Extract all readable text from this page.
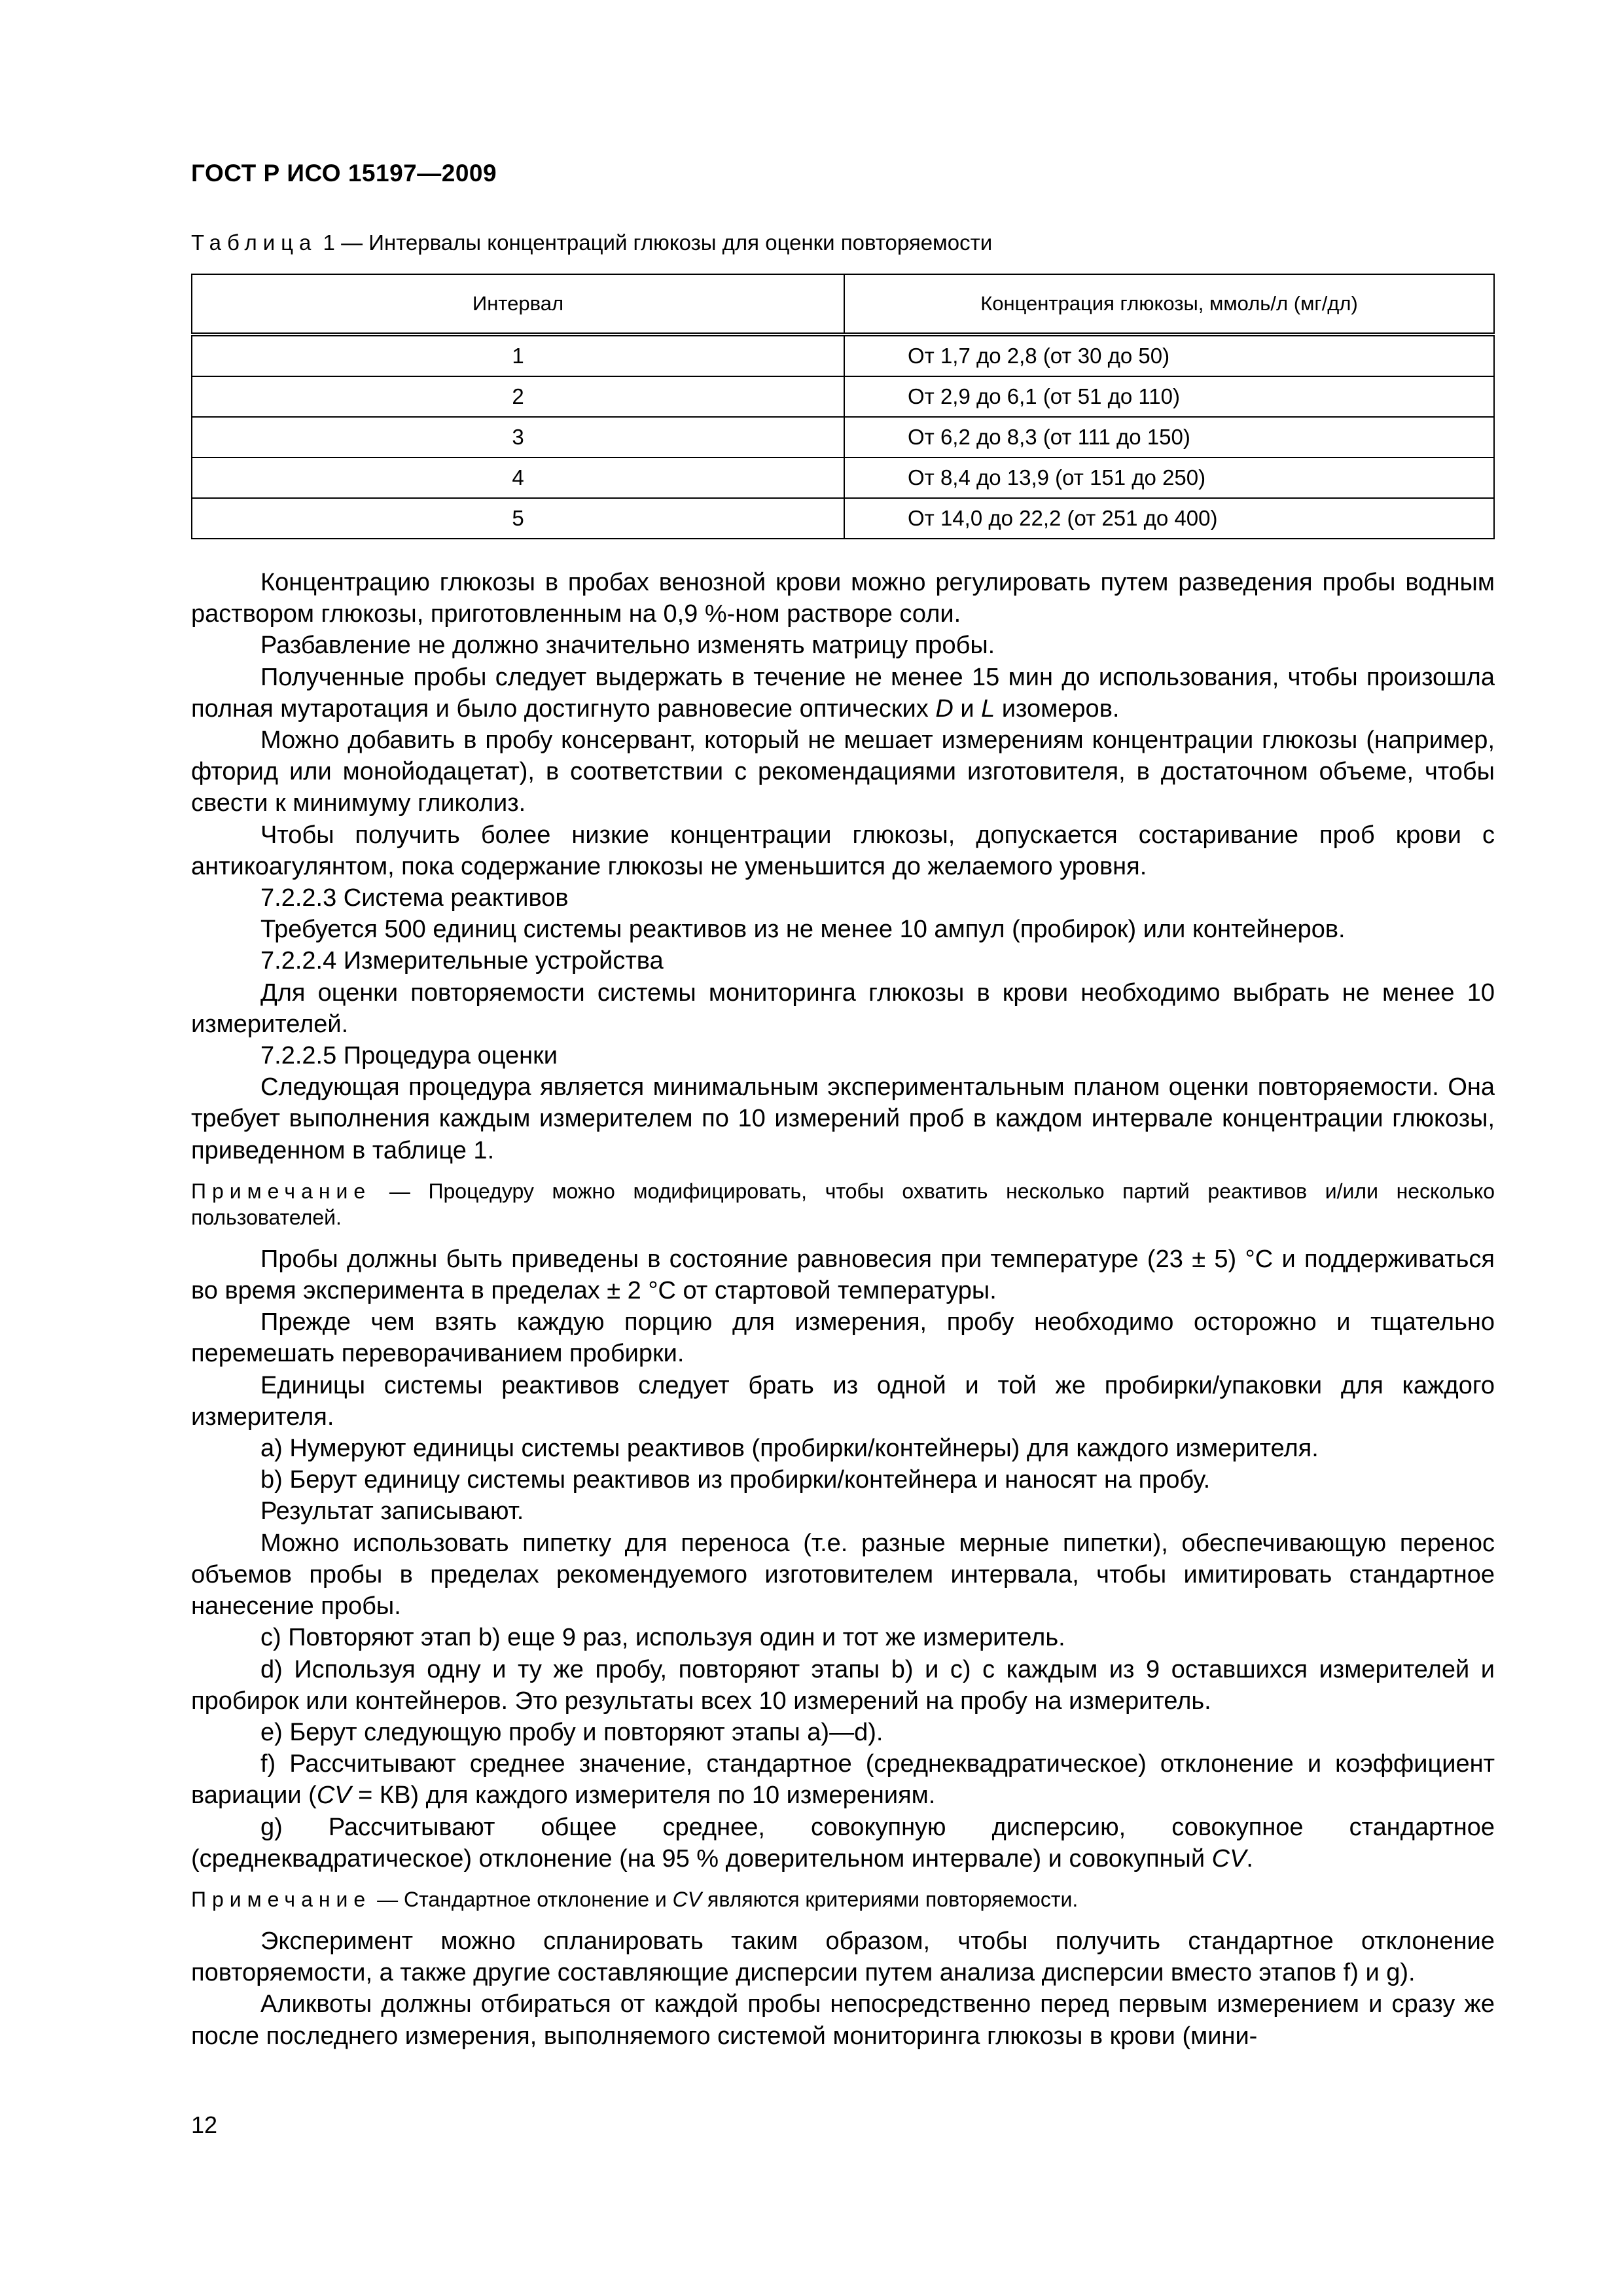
ГОСТ Р ИСО 15197—2009
Таблица 1 — Интервалы концентраций глюкозы для оценки повторяемости
Интервал	Концентрация глюкозы, ммоль/л (мг/дл)
1	От 1,7 до 2,8 (от 30 до 50)
2	От 2,9 до 6,1 (от 51 до 110)
3	От 6,2 до 8,3 (от 111 до 150)
4	От 8,4 до 13,9 (от 151 до 250)
5	От 14,0 до 22,2 (от 251 до 400)

Концентрацию глюкозы в пробах венозной крови можно регулировать путем разведения пробы водным раствором глюкозы, приготовленным на 0,9 %-ном растворе соли.

Разбавление не должно значительно изменять матрицу пробы.

Полученные пробы следует выдержать в течение не менее 15 мин до использования, чтобы произошла полная мутаротация и было достигнуто равновесие оптических D и L изомеров.

Можно добавить в пробу консервант, который не мешает измерениям концентрации глюкозы (например, фторид или монойодацетат), в соответствии с рекомендациями изготовителя, в достаточном объеме, чтобы свести к минимуму гликолиз.

Чтобы получить более низкие концентрации глюкозы, допускается состаривание проб крови с антикоагулянтом, пока содержание глюкозы не уменьшится до желаемого уровня.

7.2.2.3 Система реактивов

Требуется 500 единиц системы реактивов из не менее 10 ампул (пробирок) или контейнеров.

7.2.2.4 Измерительные устройства

Для оценки повторяемости системы мониторинга глюкозы в крови необходимо выбрать не менее 10 измерителей.

7.2.2.5 Процедура оценки

Следующая процедура является минимальным экспериментальным планом оценки повторяемости. Она требует выполнения каждым измерителем по 10 измерений проб в каждом интервале концентрации глюкозы, приведенном в таблице 1.

Примечание — Процедуру можно модифицировать, чтобы охватить несколько партий реактивов и/или несколько пользователей.

Пробы должны быть приведены в состояние равновесия при температуре (23 ± 5) °С и поддерживаться во время эксперимента в пределах ± 2 °С от стартовой температуры.

Прежде чем взять каждую порцию для измерения, пробу необходимо осторожно и тщательно перемешать переворачиванием пробирки.

Единицы системы реактивов следует брать из одной и той же пробирки/упаковки для каждого измерителя.

a) Нумеруют единицы системы реактивов (пробирки/контейнеры) для каждого измерителя.

b) Берут единицу системы реактивов из пробирки/контейнера и наносят на пробу.

Результат записывают.

Можно использовать пипетку для переноса (т.е. разные мерные пипетки), обеспечивающую перенос объемов пробы в пределах рекомендуемого изготовителем интервала, чтобы имитировать стандартное нанесение пробы.

c) Повторяют этап b) еще 9 раз, используя один и тот же измеритель.

d) Используя одну и ту же пробу, повторяют этапы b) и c) с каждым из 9 оставшихся измерителей и пробирок или контейнеров. Это результаты всех 10 измерений на пробу на измеритель.

e) Берут следующую пробу и повторяют этапы a)—d).

f) Рассчитывают среднее значение, стандартное (среднеквадратическое) отклонение и коэффициент вариации (CV = КВ) для каждого измерителя по 10 измерениям.

g) Рассчитывают общее среднее, совокупную дисперсию, совокупное стандартное (среднеквадратическое) отклонение (на 95 % доверительном интервале) и совокупный CV.

Примечание — Стандартное отклонение и CV являются критериями повторяемости.

Эксперимент можно спланировать таким образом, чтобы получить стандартное отклонение повторяемости, а также другие составляющие дисперсии путем анализа дисперсии вместо этапов f) и g).

Аликвоты должны отбираться от каждой пробы непосредственно перед первым измерением и сразу же после последнего измерения, выполняемого системой мониторинга глюкозы в крови (мини-

12
